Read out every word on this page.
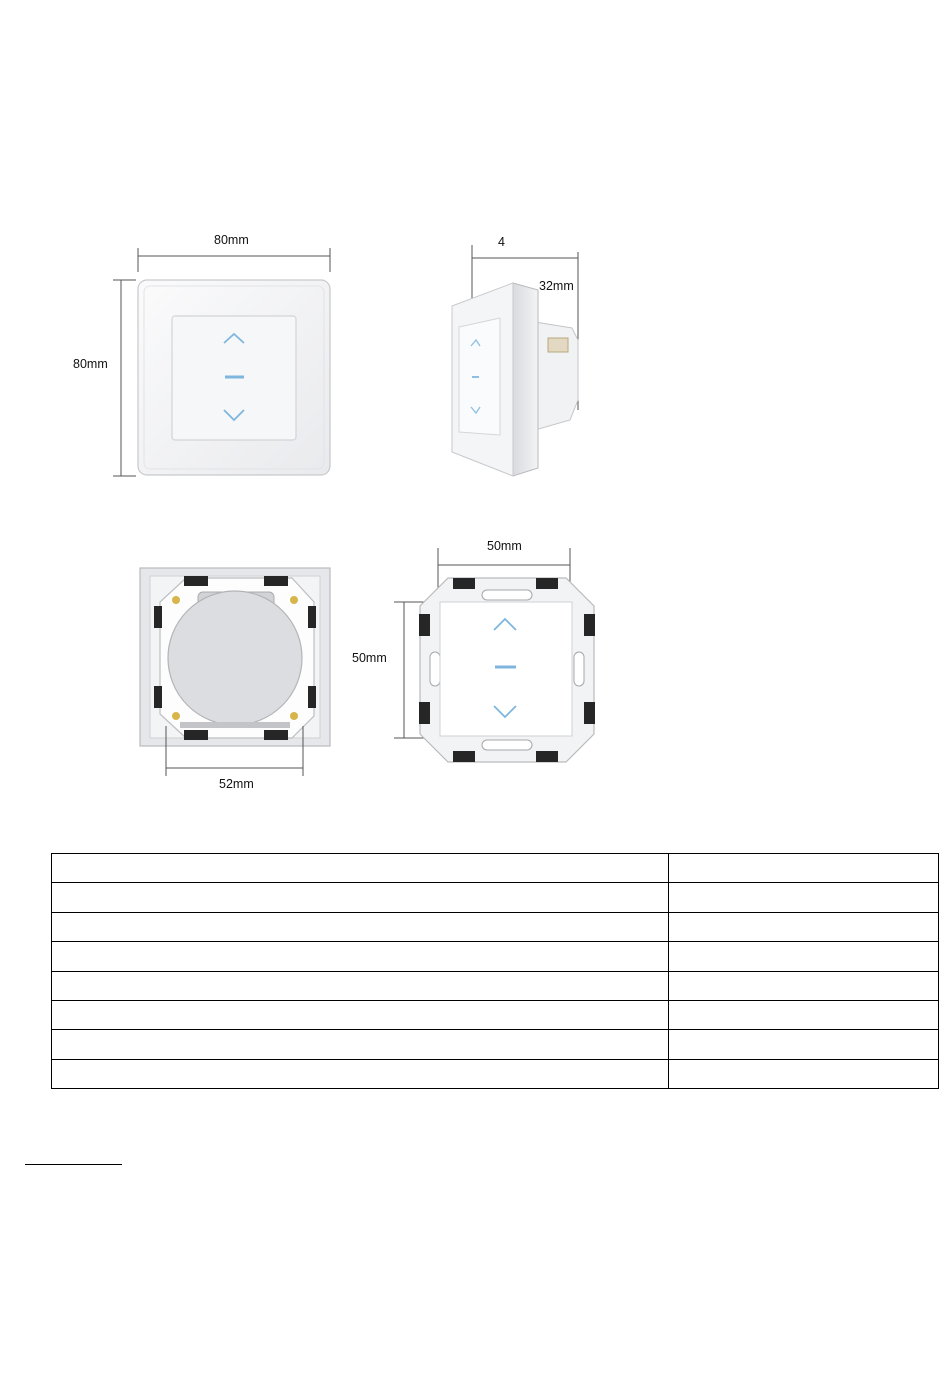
80mm
80mm
4
32mm
52mm
50mm
50mm
